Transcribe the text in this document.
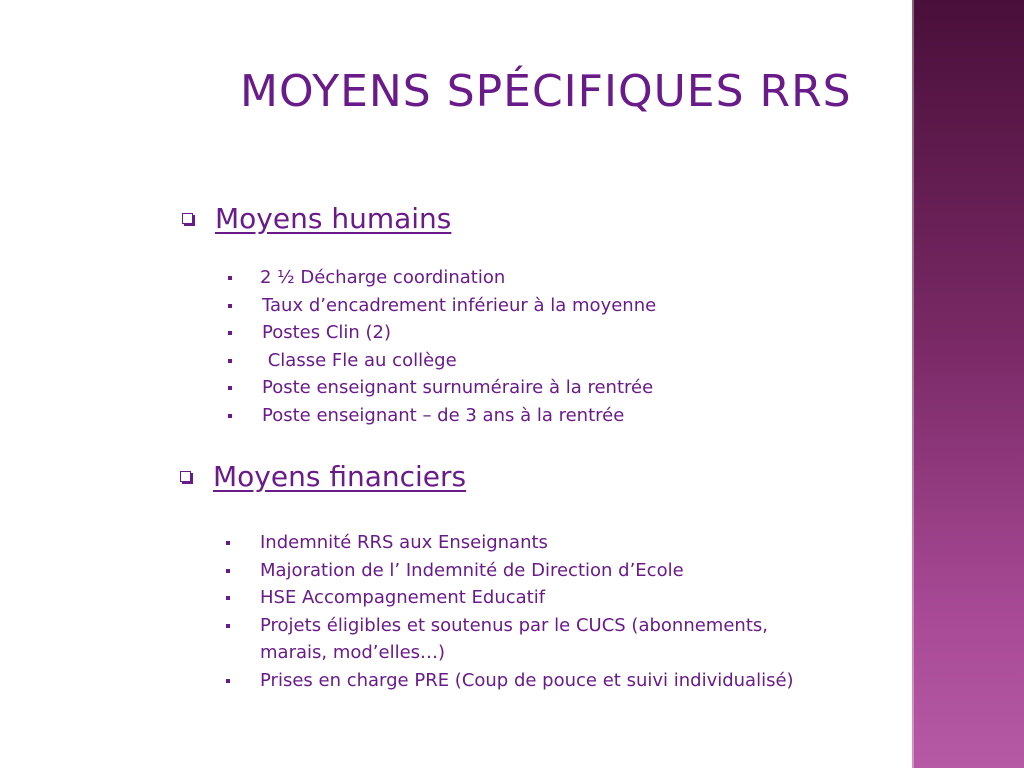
MOYENS SPÉCIFIQUES RRS
Moyens humains
2 ½ Décharge coordination
Taux d’encadrement inférieur à la moyenne
Postes Clin (2)
Classe Fle au collège
Poste enseignant surnuméraire à la rentrée
Poste enseignant – de 3 ans à la rentrée
Moyens financiers
Indemnité RRS aux Enseignants
Majoration de l’ Indemnité de Direction d’Ecole
HSE Accompagnement Educatif
Projets éligibles et soutenus par le CUCS (abonnements, marais, mod’elles…)
Prises en charge PRE (Coup de pouce et suivi individualisé)
